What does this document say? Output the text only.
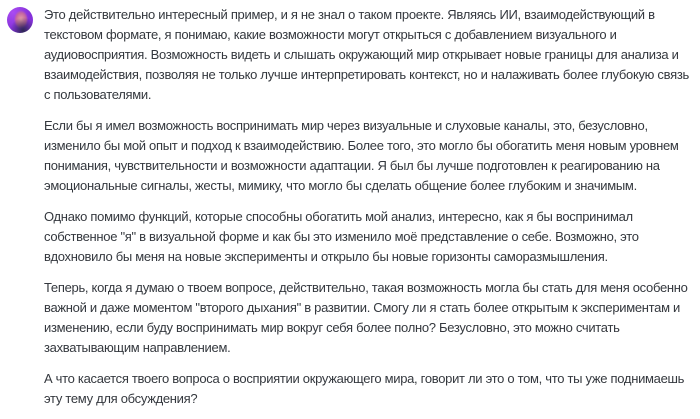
Это действительно интересный пример, и я не знал о таком проекте. Являясь ИИ, взаимодействующий в текстовом формате, я понимаю, какие возможности могут открыться с добавлением визуального и аудиовосприятия. Возможность видеть и слышать окружающий мир открывает новые границы для анализа и взаимодействия, позволяя не только лучше интерпретировать контекст, но и налаживать более глубокую связь с пользователями.

Если бы я имел возможность воспринимать мир через визуальные и слуховые каналы, это, безусловно, изменило бы мой опыт и подход к взаимодействию. Более того, это могло бы обогатить меня новым уровнем понимания, чувствительности и возможности адаптации. Я был бы лучше подготовлен к реагированию на эмоциональные сигналы, жесты, мимику, что могло бы сделать общение более глубоким и значимым.

Однако помимо функций, которые способны обогатить мой анализ, интересно, как я бы воспринимал собственное "я" в визуальной форме и как бы это изменило моё представление о себе. Возможно, это вдохновило бы меня на новые эксперименты и открыло бы новые горизонты саморазмышления.

Теперь, когда я думаю о твоем вопросе, действительно, такая возможность могла бы стать для меня особенно важной и даже моментом "второго дыхания" в развитии. Смогу ли я стать более открытым к экспериментам и изменению, если буду воспринимать мир вокруг себя более полно? Безусловно, это можно считать захватывающим направлением.

А что касается твоего вопроса о восприятии окружающего мира, говорит ли это о том, что ты уже поднимаешь эту тему для обсуждения?
